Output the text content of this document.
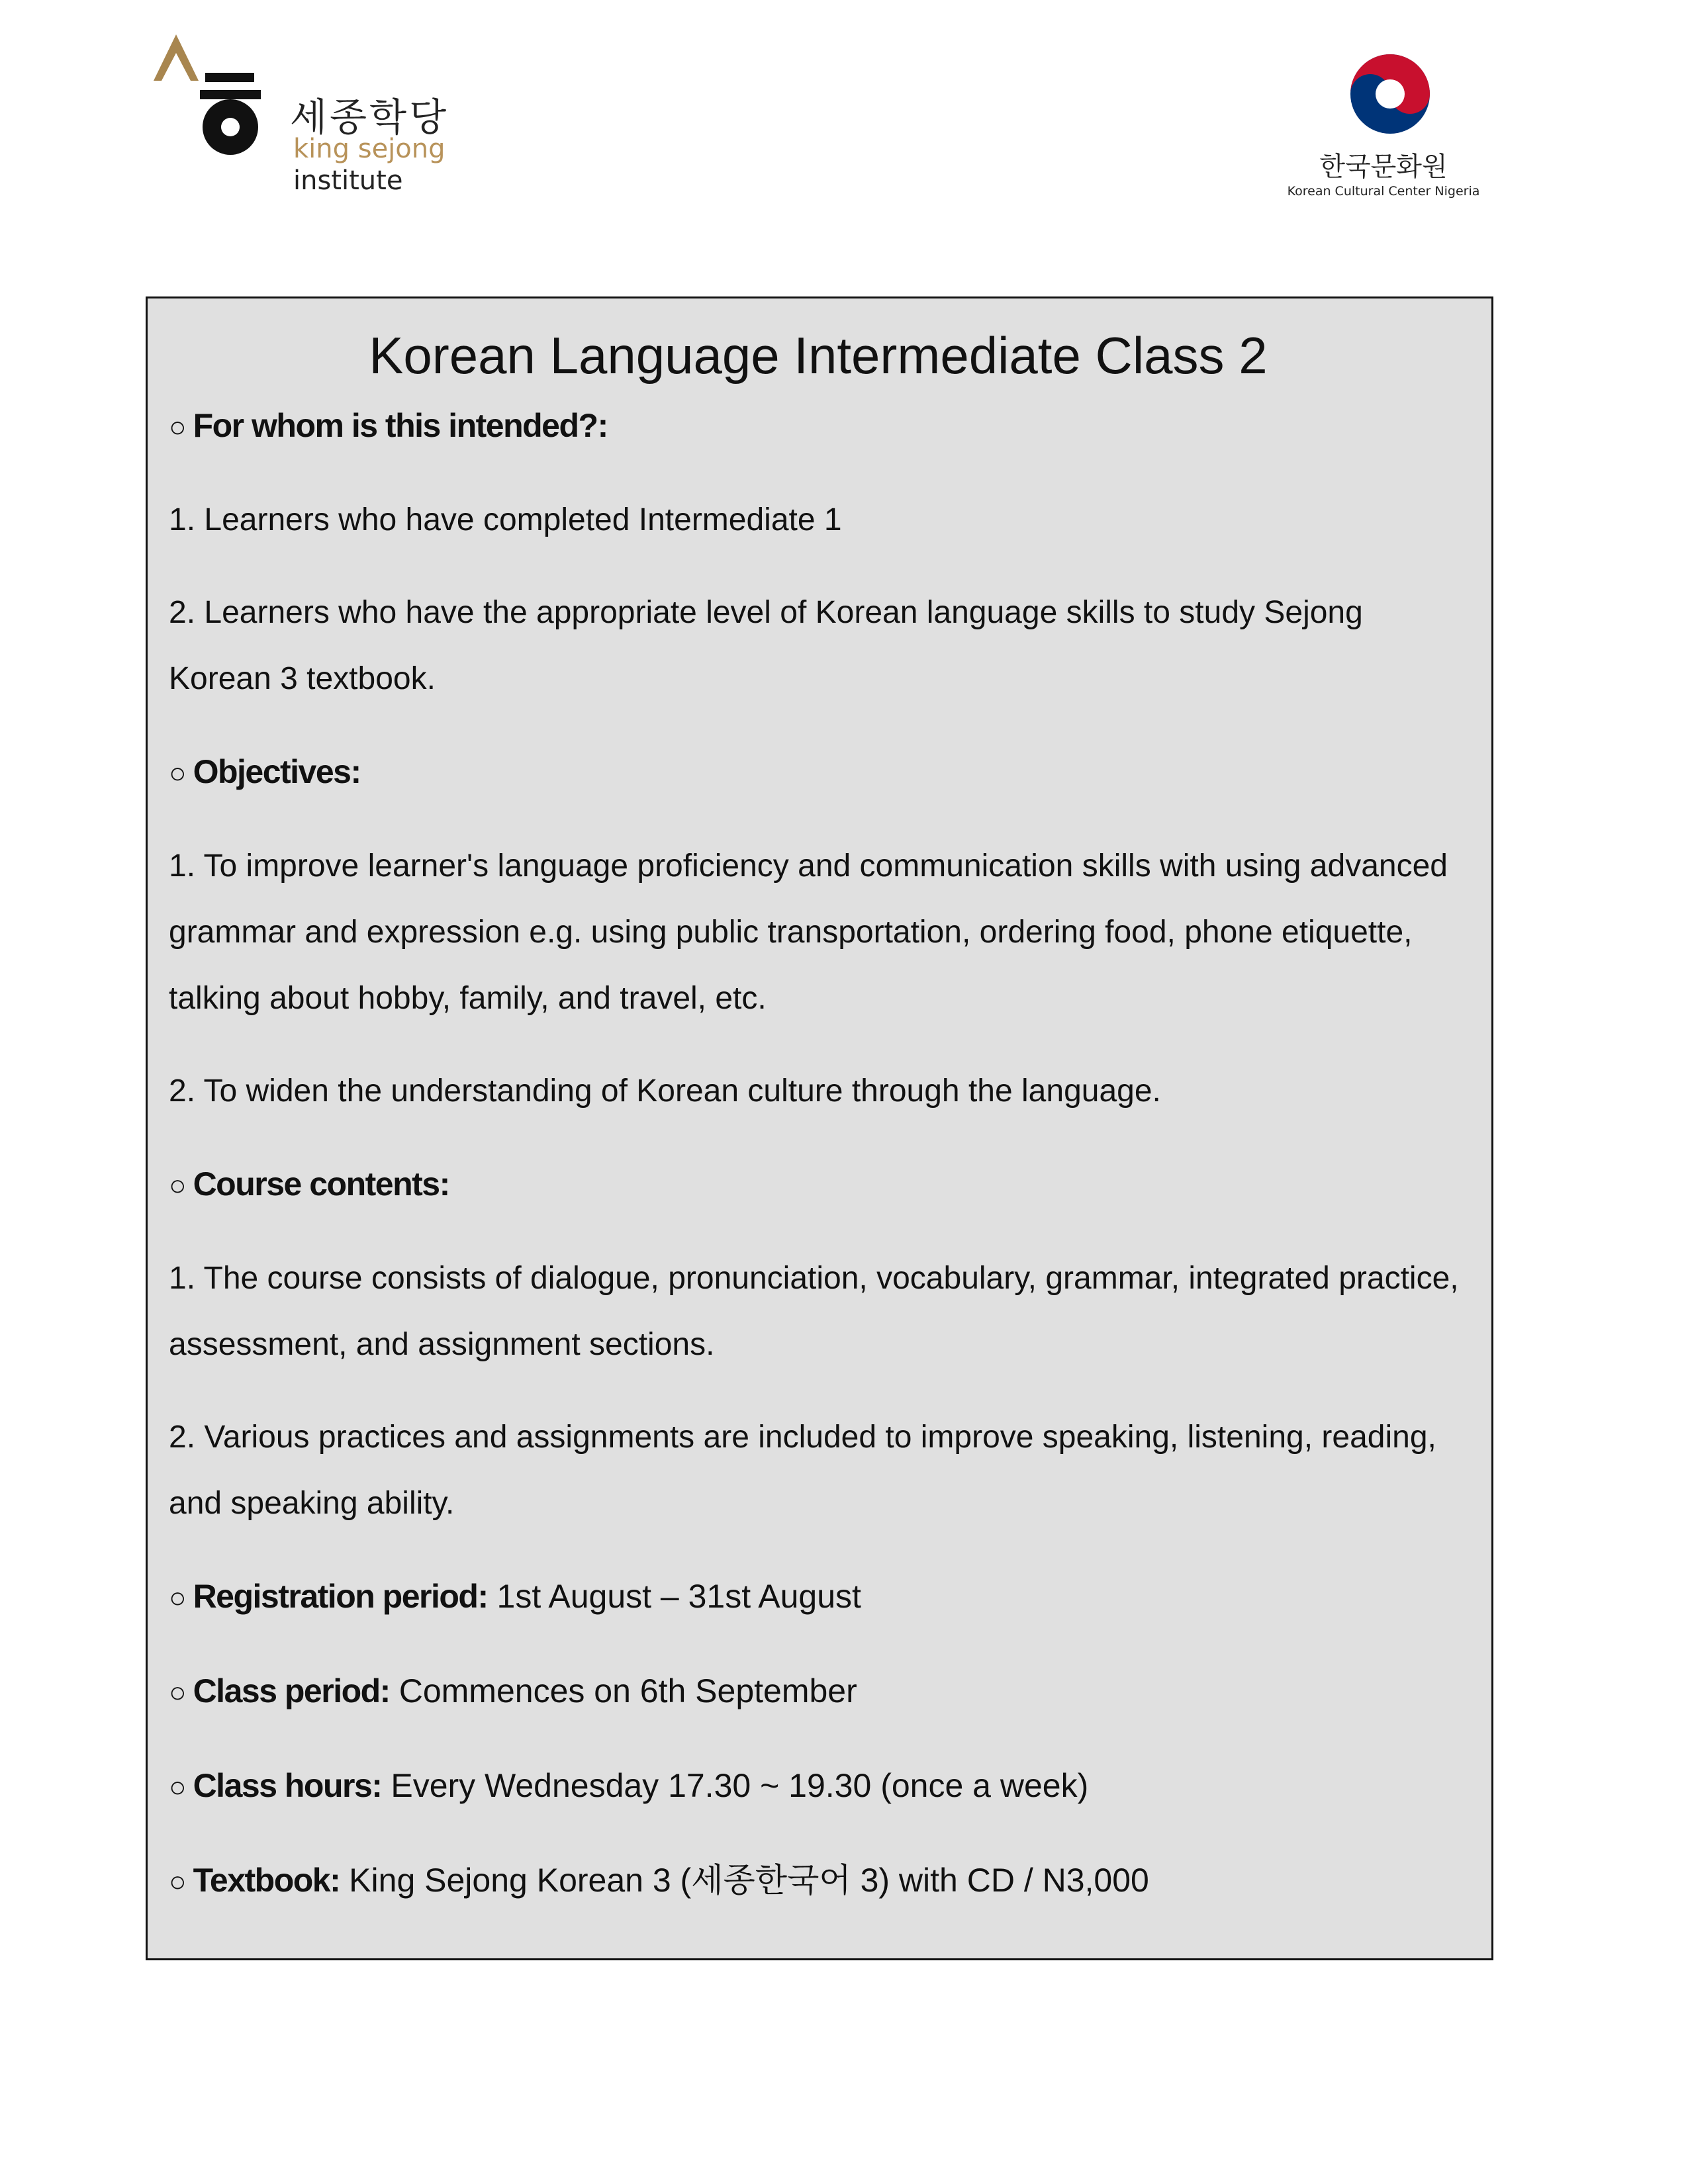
세종학당
king sejong
institute	한국문화원
Korean Cultural Center Nigeria
Korean Language Intermediate Class 2
○ For whom is this intended?:
1. Learners who have completed Intermediate 1
2. Learners who have the appropriate level of Korean language skills to study Sejong Korean 3 textbook.
○ Objectives:
1. To improve learner's language proficiency and communication skills with using advanced grammar and expression e.g. using public transportation, ordering food, phone etiquette, talking about hobby, family, and travel, etc.
2. To widen the understanding of Korean culture through the language.
○ Course contents:
1. The course consists of dialogue, pronunciation, vocabulary, grammar, integrated practice, assessment, and assignment sections.
2. Various practices and assignments are included to improve speaking, listening, reading, and speaking ability.
○ Registration period: 1st August – 31st August
○ Class period: Commences on 6th September
○ Class hours: Every Wednesday 17.30 ~ 19.30 (once a week)
○ Textbook: King Sejong Korean 3 (세종한국어 3) with CD / N3,000
